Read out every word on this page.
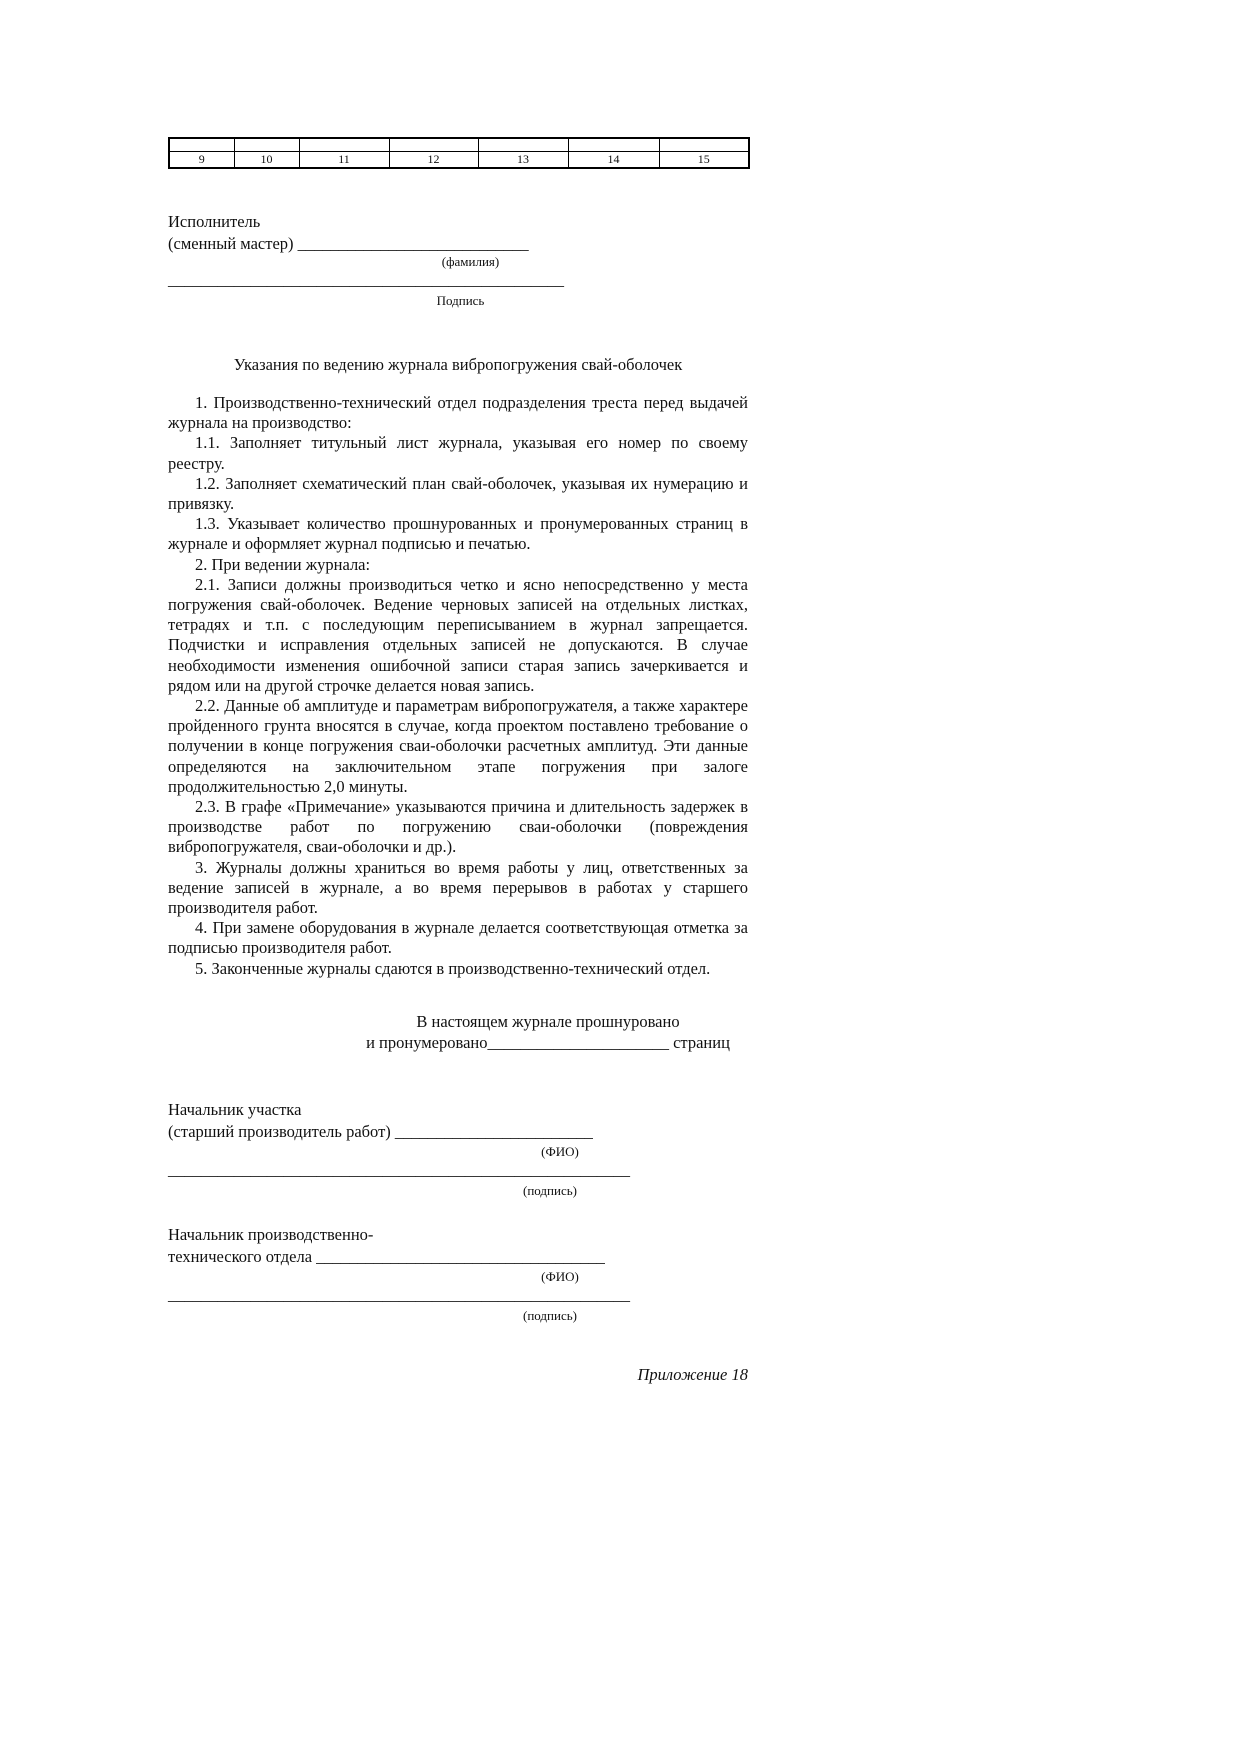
9	10	11	12	13	14	15
Исполнитель
(сменный мастер) ____________________________
(фамилия)
________________________________________________
Подпись
Указания по ведению журнала вибропогружения свай-оболочек

1. Производственно-технический отдел подразделения треста перед выдачей журнала на производство:

1.1. Заполняет титульный лист журнала, указывая его номер по своему реестру.

1.2. Заполняет схематический план свай-оболочек, указывая их нумерацию и привязку.

1.3. Указывает количество прошнурованных и пронумерованных страниц в журнале и оформляет журнал подписью и печатью.

2. При ведении журнала:

2.1. Записи должны производиться четко и ясно непосредственно у места погружения свай-оболочек. Ведение черновых записей на отдельных листках, тетрадях и т.п. с последующим переписыванием в журнал запрещается. Подчистки и исправления отдельных записей не допускаются. В случае необходимости изменения ошибочной записи старая запись зачеркивается и рядом или на другой строчке делается новая запись.

2.2. Данные об амплитуде и параметрам вибропогружателя, а также характере пройденного грунта вносятся в случае, когда проектом поставлено требование о получении в конце погружения сваи-оболочки расчетных амплитуд. Эти данные определяются на заключительном этапе погружения при залоге продолжительностью 2,0 минуты.

2.3. В графе «Примечание» указываются причина и длительность задержек в производстве работ по погружению сваи-оболочки (повреждения вибропогружателя, сваи-оболочки и др.).

3. Журналы должны храниться во время работы у лиц, ответственных за ведение записей в журнале, а во время перерывов в работах у старшего производителя работ.

4. При замене оборудования в журнале делается соответствующая отметка за подписью производителя работ.

5. Законченные журналы сдаются в производственно-технический отдел.

В настоящем журнале прошнуровано
и пронумеровано______________________ страниц
Начальник участка
(старший производитель работ) ________________________
(ФИО)
________________________________________________________
(подпись)
Начальник производственно-
технического отдела ___________________________________
(ФИО)
________________________________________________________
(подпись)
Приложение 18
